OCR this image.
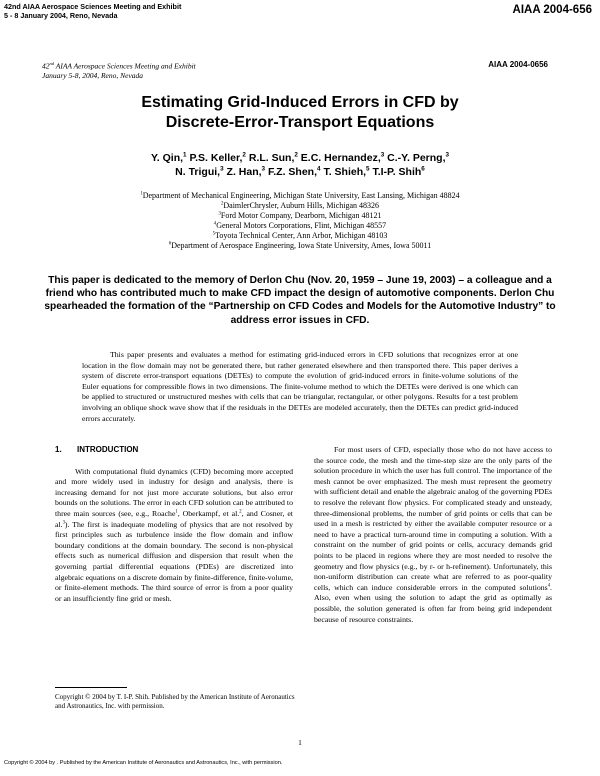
42nd AIAA Aerospace Sciences Meeting and Exhibit
5 - 8 January 2004, Reno, Nevada	AIAA 2004-656
42nd AIAA Aerospace Sciences Meeting and Exhibit
January 5-8, 2004, Reno, Nevada
AIAA 2004-0656
Estimating Grid-Induced Errors in CFD by
Discrete-Error-Transport Equations
Y. Qin,$^1$ P.S. Keller,$^2$ R.L. Sun,$^2$ E.C. Hernandez,$^3$ C.-Y. Perng,$^3$
N. Trigui,$^3$ Z. Han,$^3$ F.Z. Shen,$^4$ T. Shieh,$^5$ T.I-P. Shih$^6$
$^1$Department of Mechanical Engineering, Michigan State University, East Lansing, Michigan 48824
$^2$DaimlerChrysler, Auburn Hills, Michigan 48326
$^3$Ford Motor Company, Dearborn, Michigan 48121
$^4$General Motors Corporations, Flint, Michigan 48557
$^5$Toyota Technical Center, Ann Arbor, Michigan 48103
$^6$Department of Aerospace Engineering, Iowa State University, Ames, Iowa 50011
This paper is dedicated to the memory of Derlon Chu (Nov. 20, 1959 – June 19, 2003) – a colleague and a friend who has contributed much to make CFD impact the design of automotive components. Derlon Chu spearheaded the formation of the “Partnership on CFD Codes and Models for the Automotive Industry” to address error issues in CFD.
This paper presents and evaluates a method for estimating grid-induced errors in CFD solutions that recognizes error at one location in the flow domain may not be generated there, but rather generated elsewhere and then transported there. This paper derives a system of discrete error-transport equations (DETEs) to compute the evolution of grid-induced errors in finite-volume solutions of the Euler equations for compressible flows in two dimensions. The finite-volume method to which the DETEs were derived is one which can be applied to structured or unstructured meshes with cells that can be triangular, rectangular, or other polygons. Results for a test problem involving an oblique shock wave show that if the residuals in the DETEs are modeled accurately, then the DETEs can predict grid-induced errors accurately.
1. INTRODUCTION

With computational fluid dynamics (CFD) becoming more accepted and more widely used in industry for design and analysis, there is increasing demand for not just more accurate solutions, but also error bounds on the solutions. The error in each CFD solution can be attributed to three main sources (see, e.g., Roache$^1$, Oberkampf, et al.$^2$, and Cosner, et al.$^3$). The first is inadequate modeling of physics that are not resolved by first principles such as turbulence inside the flow domain and inflow boundary conditions at the domain boundary. The second is non-physical effects such as numerical diffusion and dispersion that result when the governing partial differential equations (PDEs) are discretized into algebraic equations on a discrete domain by finite-difference, finite-volume, or finite-element methods. The third source of error is from a poor quality or an insufficiently fine grid or mesh.

For most users of CFD, especially those who do not have access to the source code, the mesh and the time-step size are the only parts of the solution procedure in which the user has full control. The importance of the mesh cannot be over emphasized. The mesh must represent the geometry with sufficient detail and enable the algebraic analog of the governing PDEs to resolve the relevant flow physics. For complicated steady and unsteady, three-dimensional problems, the number of grid points or cells that can be used in a mesh is restricted by either the available computer resource or a need to have a practical turn-around time in computing a solution. With a constraint on the number of grid points or cells, accuracy demands grid points to be placed in regions where they are most needed to resolve the geometry and flow physics (e.g., by r- or h-refinement). Unfortunately, this non-uniform distribution can create what are referred to as poor-quality cells, which can induce considerable errors in the computed solutions$^4$. Also, even when using the solution to adapt the grid as optimally as possible, the solution generated is often far from being grid independent because of resource constraints.

Copyright © 2004 by T. I-P. Shih. Published by the American Institute of Aeronautics and Astronautics, Inc. with permission.
1
Copyright © 2004 by . Published by the American Institute of Aeronautics and Astronautics, Inc., with permission.
